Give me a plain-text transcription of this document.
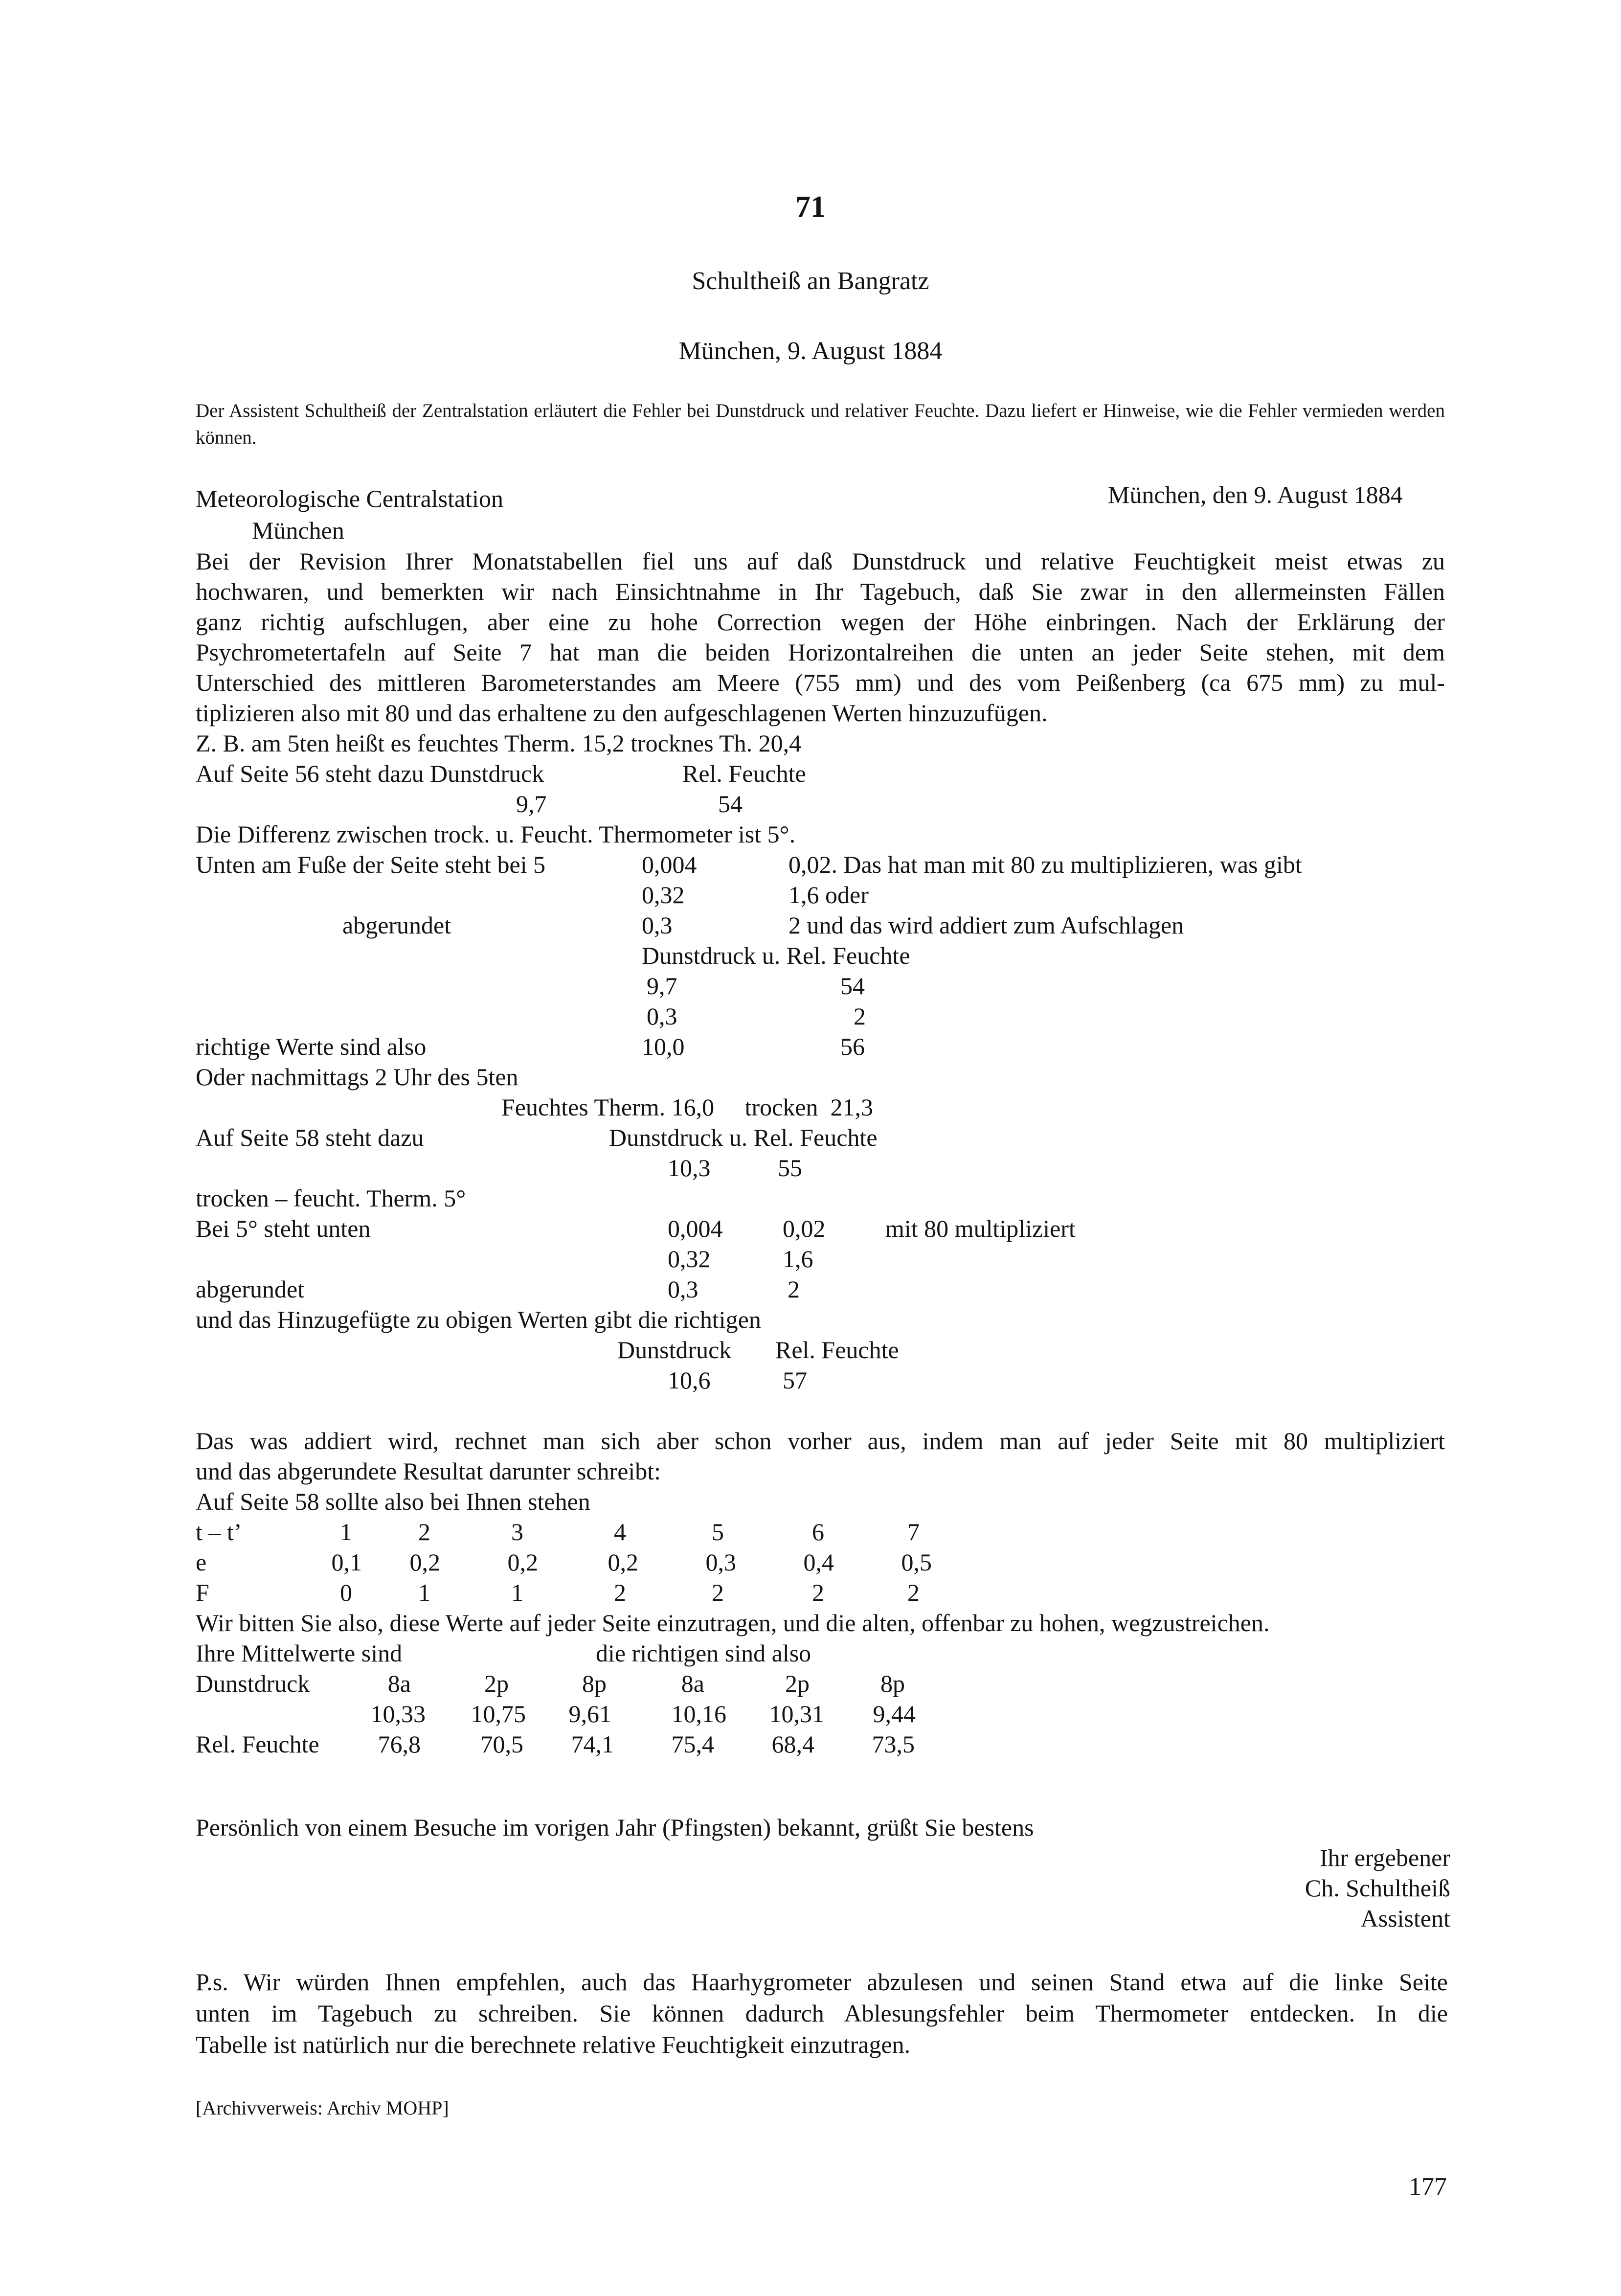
71
Schultheiß an Bangratz
München, 9. August 1884
Der Assistent Schultheiß der Zentralstation erläutert die Fehler bei Dunstdruck und relativer Feuchte. Dazu liefert er Hinweise, wie die Fehler vermieden werden können.
Meteorologische Centralstation	München, den 9. August 1884
München
Bei der Revision Ihrer Monatstabellen fiel uns auf daß Dunstdruck und relative Feuchtigkeit meist etwas zu
hochwaren, und bemerkten wir nach Einsichtnahme in Ihr Tagebuch, daß Sie zwar in den allermeinsten Fällen
ganz richtig aufschlugen, aber eine zu hohe Correction wegen der Höhe einbringen. Nach der Erklärung der
Psychrometertafeln auf Seite 7 hat man die beiden Horizontalreihen die unten an jeder Seite stehen, mit dem
Unterschied des mittleren Barometerstandes am Meere (755 mm) und des vom Peißenberg (ca 675 mm) zu mul-
tiplizieren also mit 80 und das erhaltene zu den aufgeschlagenen Werten hinzuzufügen.
Z. B. am 5ten heißt es feuchtes Therm. 15,2 trocknes Th. 20,4
Auf Seite 56 steht dazu Dunstdruck	Rel. Feuchte
9,7	54
Die Differenz zwischen trock. u. Feucht. Thermometer ist 5°.
Unten am Fuße der Seite steht bei 5	0,004	0,02. Das hat man mit 80 zu multiplizieren, was gibt
0,32	1,6 oder
abgerundet	0,3	2 und das wird addiert zum Aufschlagen
Dunstdruck u. Rel. Feuchte
9,7	54
0,3	2
richtige Werte sind also	10,0	56
Oder nachmittags 2 Uhr des 5ten
Feuchtes Therm. 16,0     trocken  21,3
Auf Seite 58 steht dazu	Dunstdruck u. Rel. Feuchte
10,3	55
trocken – feucht. Therm. 5°
Bei 5° steht unten	0,004 0,02 mit 80 multipliziert
0,32	1,6
abgerundet	0,3	2
und das Hinzugefügte zu obigen Werten gibt die richtigen
Dunstdruck Rel. Feuchte
10,6	57
Das was addiert wird, rechnet man sich aber schon vorher aus, indem man auf jeder Seite mit 80 multipliziert
und das abgerundete Resultat darunter schreibt:
Auf Seite 58 sollte also bei Ihnen stehen
t – t’	1	2	3	4	5	6	7
e	0,1	0,2	0,2	0,2	0,3	0,4	0,5
F	0	1	1	2	2	2	2
Wir bitten Sie also, diese Werte auf jeder Seite einzutragen, und die alten, offenbar zu hohen, wegzustreichen.
Ihre Mittelwerte sind	die richtigen sind also
Dunstdruck	8a	2p	8p	8a	2p	8p
10,33	10,75	9,61	10,16	10,31	9,44
Rel. Feuchte	76,8	70,5	74,1	75,4	68,4	73,5
Persönlich von einem Besuche im vorigen Jahr (Pfingsten) bekannt, grüßt Sie bestens
Ihr ergebener
Ch. Schultheiß
Assistent
P.s. Wir würden Ihnen empfehlen, auch das Haarhygrometer abzulesen und seinen Stand etwa auf die linke Seite
unten im Tagebuch zu schreiben. Sie können dadurch Ablesungsfehler beim Thermometer entdecken. In die
Tabelle ist natürlich nur die berechnete relative Feuchtigkeit einzutragen.
[Archivverweis: Archiv MOHP]
177
